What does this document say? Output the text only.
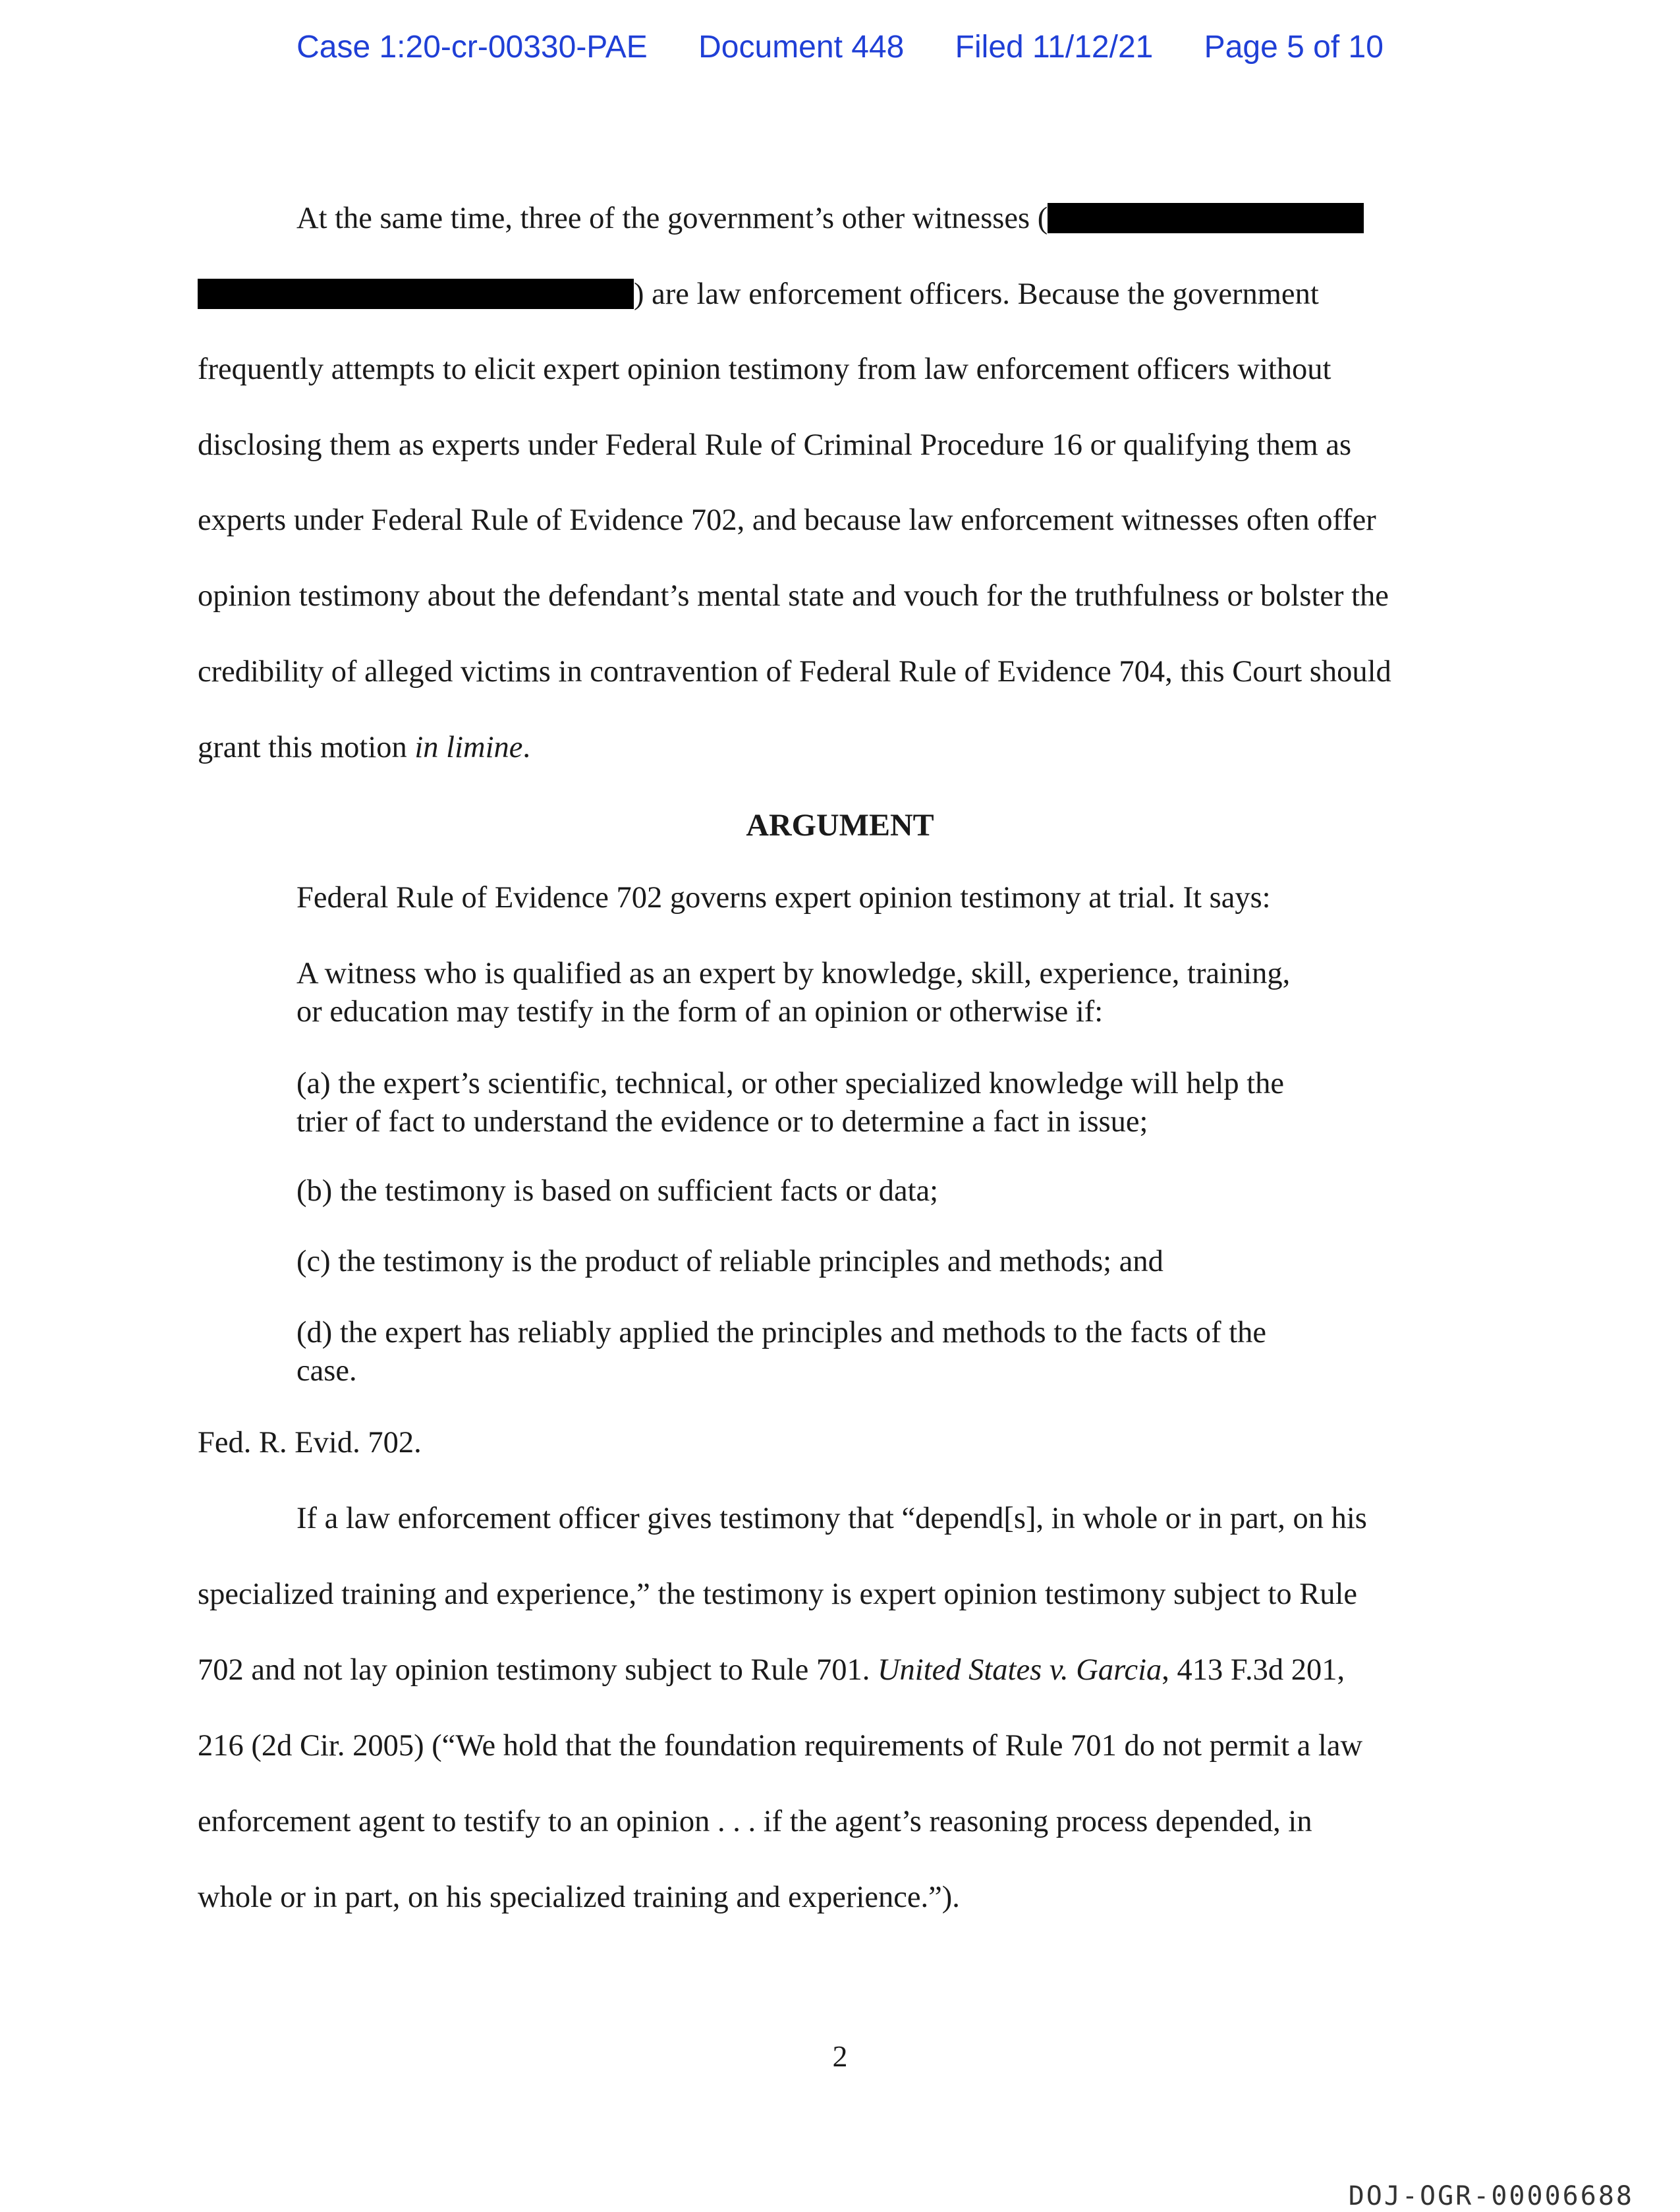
Case 1:20-cr-00330-PAE Document 448 Filed 11/12/21 Page 5 of 10
At the same time, three of the government’s other witnesses (
) are law enforcement officers. Because the government
frequently attempts to elicit expert opinion testimony from law enforcement officers without
disclosing them as experts under Federal Rule of Criminal Procedure 16 or qualifying them as
experts under Federal Rule of Evidence 702, and because law enforcement witnesses often offer
opinion testimony about the defendant’s mental state and vouch for the truthfulness or bolster the
credibility of alleged victims in contravention of Federal Rule of Evidence 704, this Court should
grant this motion in limine.
ARGUMENT
Federal Rule of Evidence 702 governs expert opinion testimony at trial. It says:
A witness who is qualified as an expert by knowledge, skill, experience, training,
or education may testify in the form of an opinion or otherwise if:
(a) the expert’s scientific, technical, or other specialized knowledge will help the
trier of fact to understand the evidence or to determine a fact in issue;
(b) the testimony is based on sufficient facts or data;
(c) the testimony is the product of reliable principles and methods; and
(d) the expert has reliably applied the principles and methods to the facts of the
case.
Fed. R. Evid. 702.
If a law enforcement officer gives testimony that “depend[s], in whole or in part, on his
specialized training and experience,” the testimony is expert opinion testimony subject to Rule
702 and not lay opinion testimony subject to Rule 701. United States v. Garcia, 413 F.3d 201,
216 (2d Cir. 2005) (“We hold that the foundation requirements of Rule 701 do not permit a law
enforcement agent to testify to an opinion . . . if the agent’s reasoning process depended, in
whole or in part, on his specialized training and experience.”).
2
DOJ-OGR-00006688
